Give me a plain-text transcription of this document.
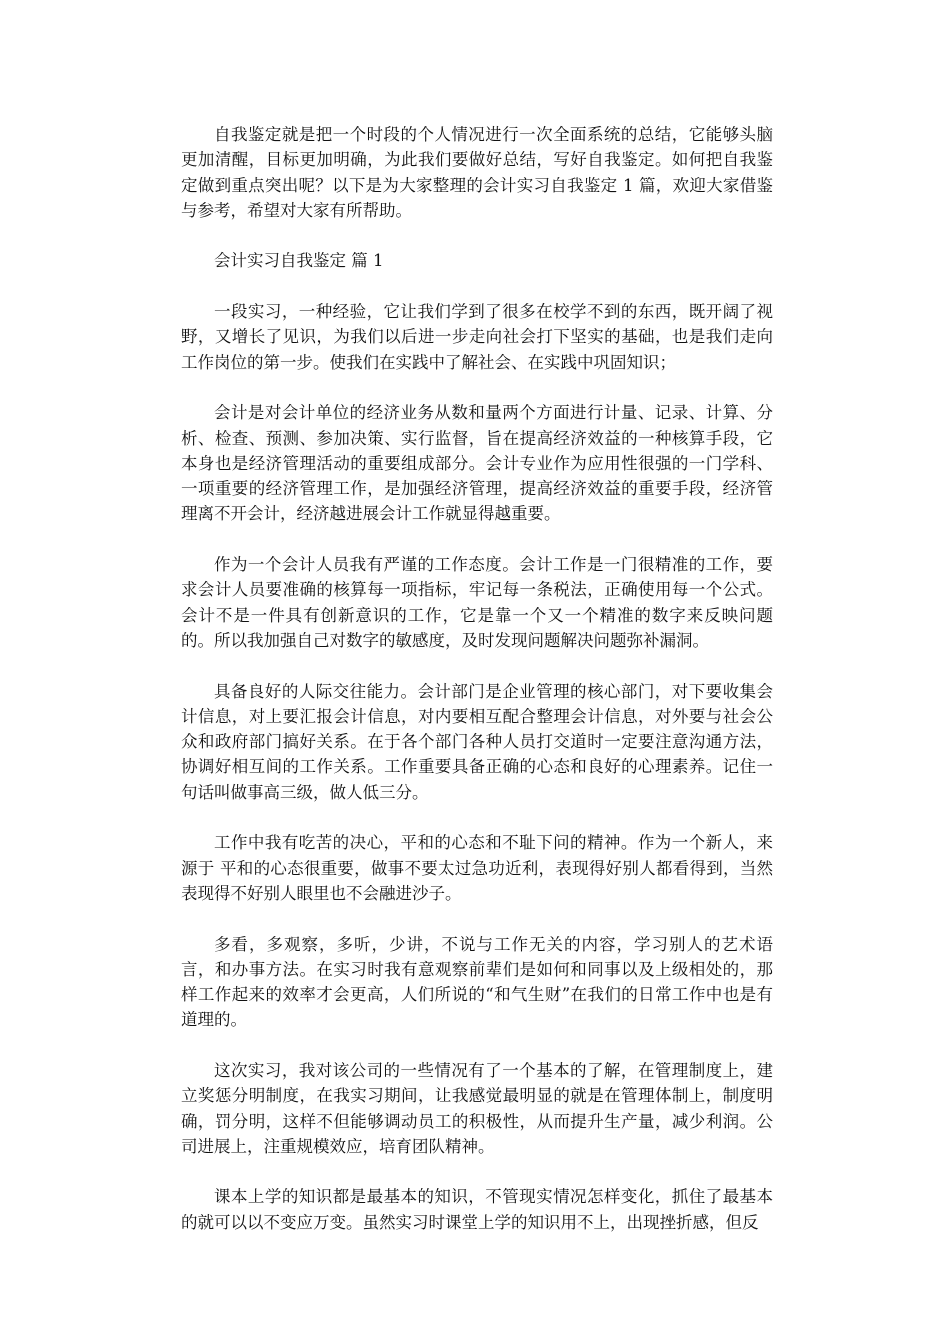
自我鉴定就是把一个时段的个人情况进行一次全面系统的总结，它能够头脑更加清醒，目标更加明确，为此我们要做好总结，写好自我鉴定。如何把自我鉴定做到重点突出呢？以下是为大家整理的会计实习自我鉴定 1 篇，欢迎大家借鉴与参考，希望对大家有所帮助。

会计实习自我鉴定 篇 1

一段实习，一种经验，它让我们学到了很多在校学不到的东西，既开阔了视野，又增长了见识，为我们以后进一步走向社会打下坚实的基础，也是我们走向工作岗位的第一步。使我们在实践中了解社会、在实践中巩固知识；

会计是对会计单位的经济业务从数和量两个方面进行计量、记录、计算、分析、检查、预测、参加决策、实行监督，旨在提高经济效益的一种核算手段，它本身也是经济管理活动的重要组成部分。会计专业作为应用性很强的一门学科、一项重要的经济管理工作，是加强经济管理，提高经济效益的重要手段，经济管理离不开会计，经济越进展会计工作就显得越重要。

作为一个会计人员我有严谨的工作态度。会计工作是一门很精准的工作，要求会计人员要准确的核算每一项指标，牢记每一条税法，正确使用每一个公式。会计不是一件具有创新意识的工作，它是靠一个又一个精准的数字来反映问题的。所以我加强自己对数字的敏感度，及时发现问题解决问题弥补漏洞。

具备良好的人际交往能力。会计部门是企业管理的核心部门，对下要收集会计信息，对上要汇报会计信息，对内要相互配合整理会计信息，对外要与社会公众和政府部门搞好关系。在于各个部门各种人员打交道时一定要注意沟通方法，协调好相互间的工作关系。工作重要具备正确的心态和良好的心理素养。记住一句话叫做事高三级，做人低三分。

工作中我有吃苦的决心，平和的心态和不耻下问的精神。作为一个新人，来源于 平和的心态很重要，做事不要太过急功近利，表现得好别人都看得到，当然表现得不好别人眼里也不会融进沙子。

多看，多观察，多听，少讲，不说与工作无关的内容，学习别人的艺术语言，和办事方法。在实习时我有意观察前辈们是如何和同事以及上级相处的，那样工作起来的效率才会更高，人们所说的“和气生财”在我们的日常工作中也是有道理的。

这次实习，我对该公司的一些情况有了一个基本的了解，在管理制度上，建立奖惩分明制度，在我实习期间，让我感觉最明显的就是在管理体制上，制度明确，罚分明，这样不但能够调动员工的积极性，从而提升生产量，减少利润。公司进展上，注重规模效应，培育团队精神。

课本上学的知识都是最基本的知识，不管现实情况怎样变化，抓住了最基本的就可以以不变应万变。虽然实习时课堂上学的知识用不上，出现挫折感，但反
